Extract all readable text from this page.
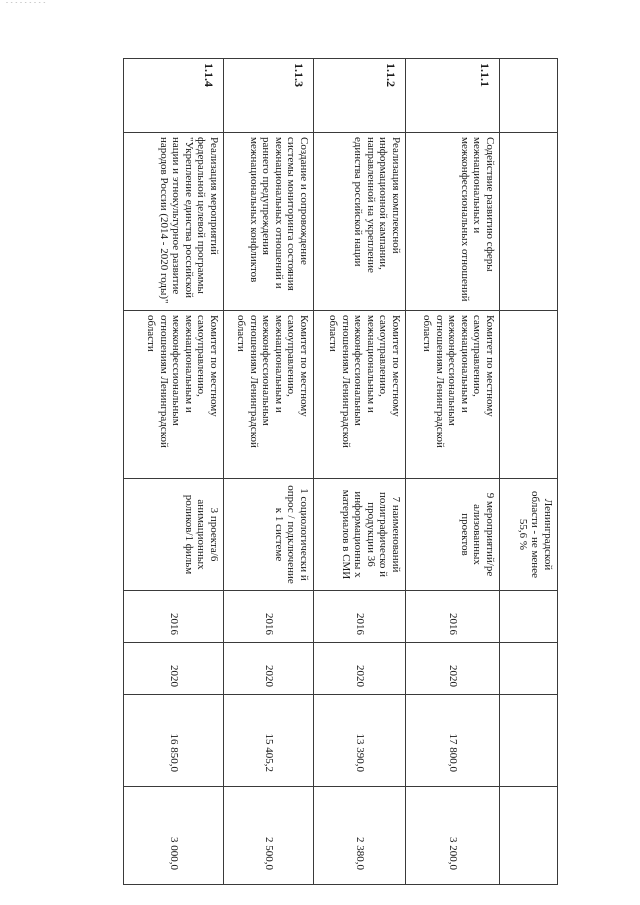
- - - - - - - - -
			Ленинградской области - не менее 55,6 %				
1.1.1	Содействие развитию сферы межнациональных и межконфессиональных отношений	Комитет по местному самоуправлению, межнациональным и межконфессиональным отношениям Ленинградской области	9 мероприятий/ре ализованных проектов	2016	2020	17 800,0	3 200,0
1.1.2	Реализация комплексной информационной кампании, направленной на укрепление единства российской нации	Комитет по местному самоуправлению, межнациональным и межконфессиональным отношениям Ленинградской области	7 наименований полиграфическо й продукции 36 информационны х материалов в СМИ	2016	2020	13 390,0	2 380,0
1.1.3	Создание и сопровождение системы мониторинга состояния межнациональных отношений и раннего предупреждения межнациональных конфликтов	Комитет по местному самоуправлению, межнациональным и межконфессиональным отношениям Ленинградской области	1 социологически й опрос / подключение к 1 системе	2016	2020	15 405,2	2 500,0
1.1.4	Реализация мероприятий федеральной целевой программы "Укрепление единства российской нации и этнокультурное развитие народов России (2014 - 2020 годы)"	Комитет по местному самоуправлению, межнациональным и межконфессиональным отношениям Ленинградской области	3 проекта/6 анимационных роликов/1 фильм	2016	2020	16 850,0	3 000,0
